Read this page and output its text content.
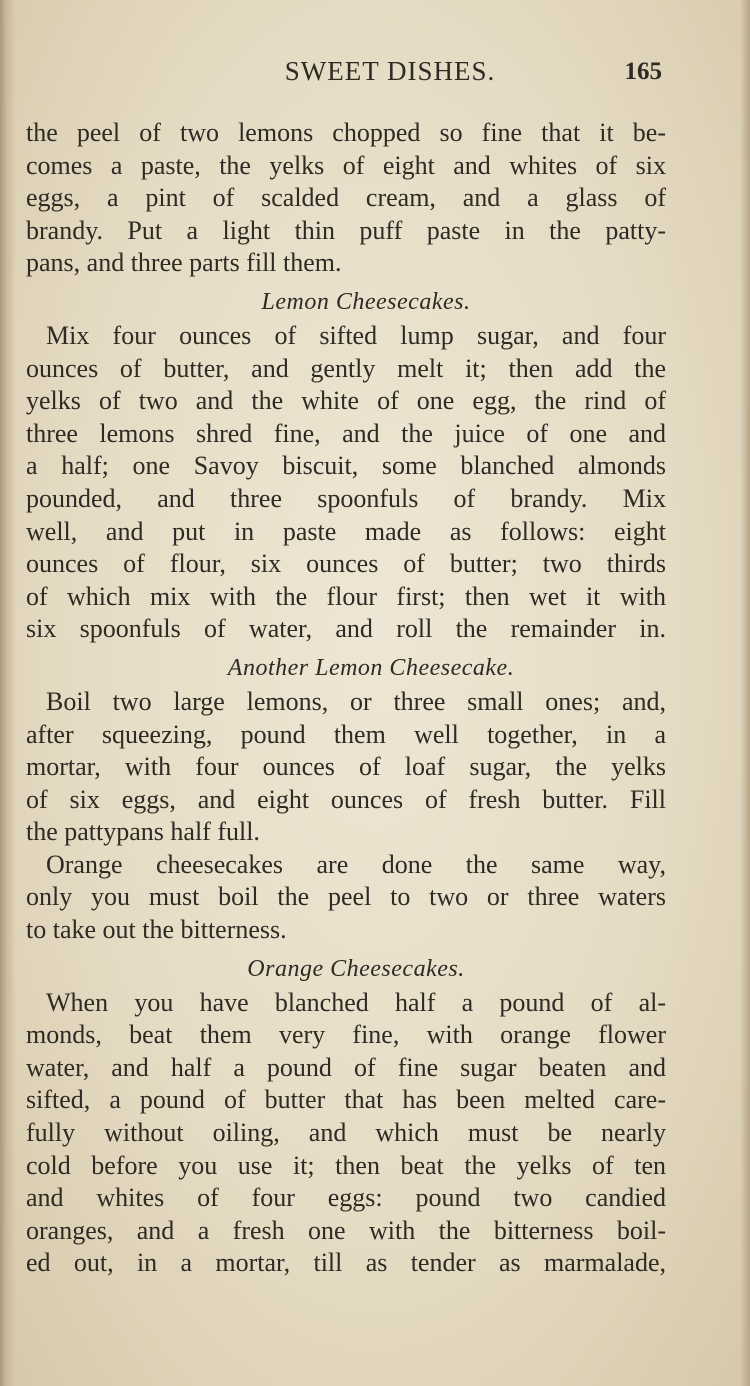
SWEET DISHES.	165
the peel of two lemons chopped so fine that it be-
comes a paste, the yelks of eight and whites of six
eggs, a pint of scalded cream, and a glass of
brandy. Put a light thin puff paste in the patty-
pans, and three parts fill them.
Lemon Cheesecakes.
Mix four ounces of sifted lump sugar, and four
ounces of butter, and gently melt it; then add the
yelks of two and the white of one egg, the rind of
three lemons shred fine, and the juice of one and
a half; one Savoy biscuit, some blanched almonds
pounded, and three spoonfuls of brandy. Mix
well, and put in paste made as follows: eight
ounces of flour, six ounces of butter; two thirds
of which mix with the flour first; then wet it with
six spoonfuls of water, and roll the remainder in.
Another Lemon Cheesecake.
Boil two large lemons, or three small ones; and,
after squeezing, pound them well together, in a
mortar, with four ounces of loaf sugar, the yelks
of six eggs, and eight ounces of fresh butter. Fill
the pattypans half full.
Orange cheesecakes are done the same way,
only you must boil the peel to two or three waters
to take out the bitterness.
Orange Cheesecakes.
When you have blanched half a pound of al-
monds, beat them very fine, with orange flower
water, and half a pound of fine sugar beaten and
sifted, a pound of butter that has been melted care-
fully without oiling, and which must be nearly
cold before you use it; then beat the yelks of ten
and whites of four eggs: pound two candied
oranges, and a fresh one with the bitterness boil-
ed out, in a mortar, till as tender as marmalade,
